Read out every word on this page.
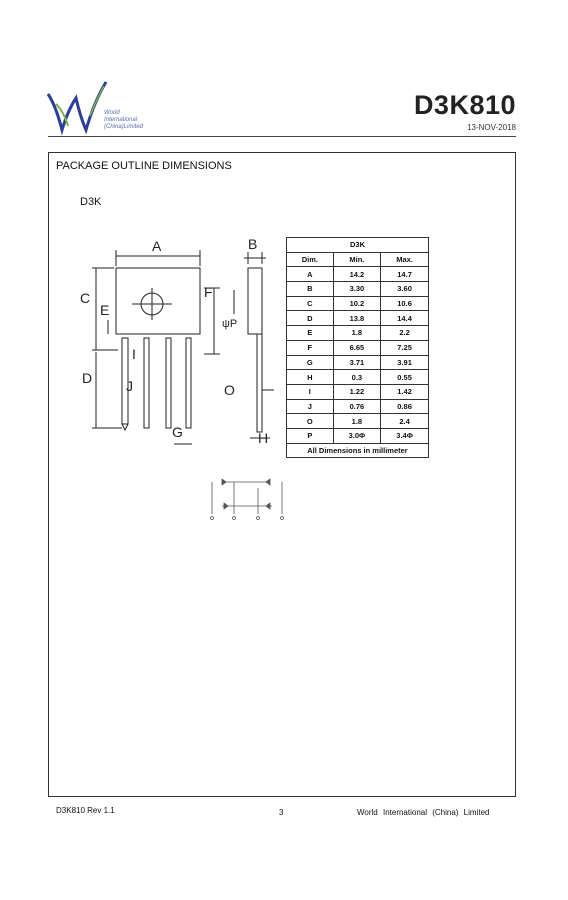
World
International
(China)Limited
D3K810
13-NOV-2018
PACKAGE OUTLINE DIMENSIONS
D3K
A	B
C
E
F
ψP
I
D J	O
G	H
D3K		
Dim.	Min.	Max.
A	14.2	14.7
B	3.30	3.60
C	10.2	10.6
D	13.8	14.4
E	1.8	2.2
F	6.65	7.25
G	3.71	3.91
H	0.3	0.55
I	1.22	1.42
J	0.76	0.86
O	1.8	2.4
P	3.0Φ	3.4Φ
All Dimensions in millimeter		
D3K810 Rev 1.1	3	World International (China) Limited
